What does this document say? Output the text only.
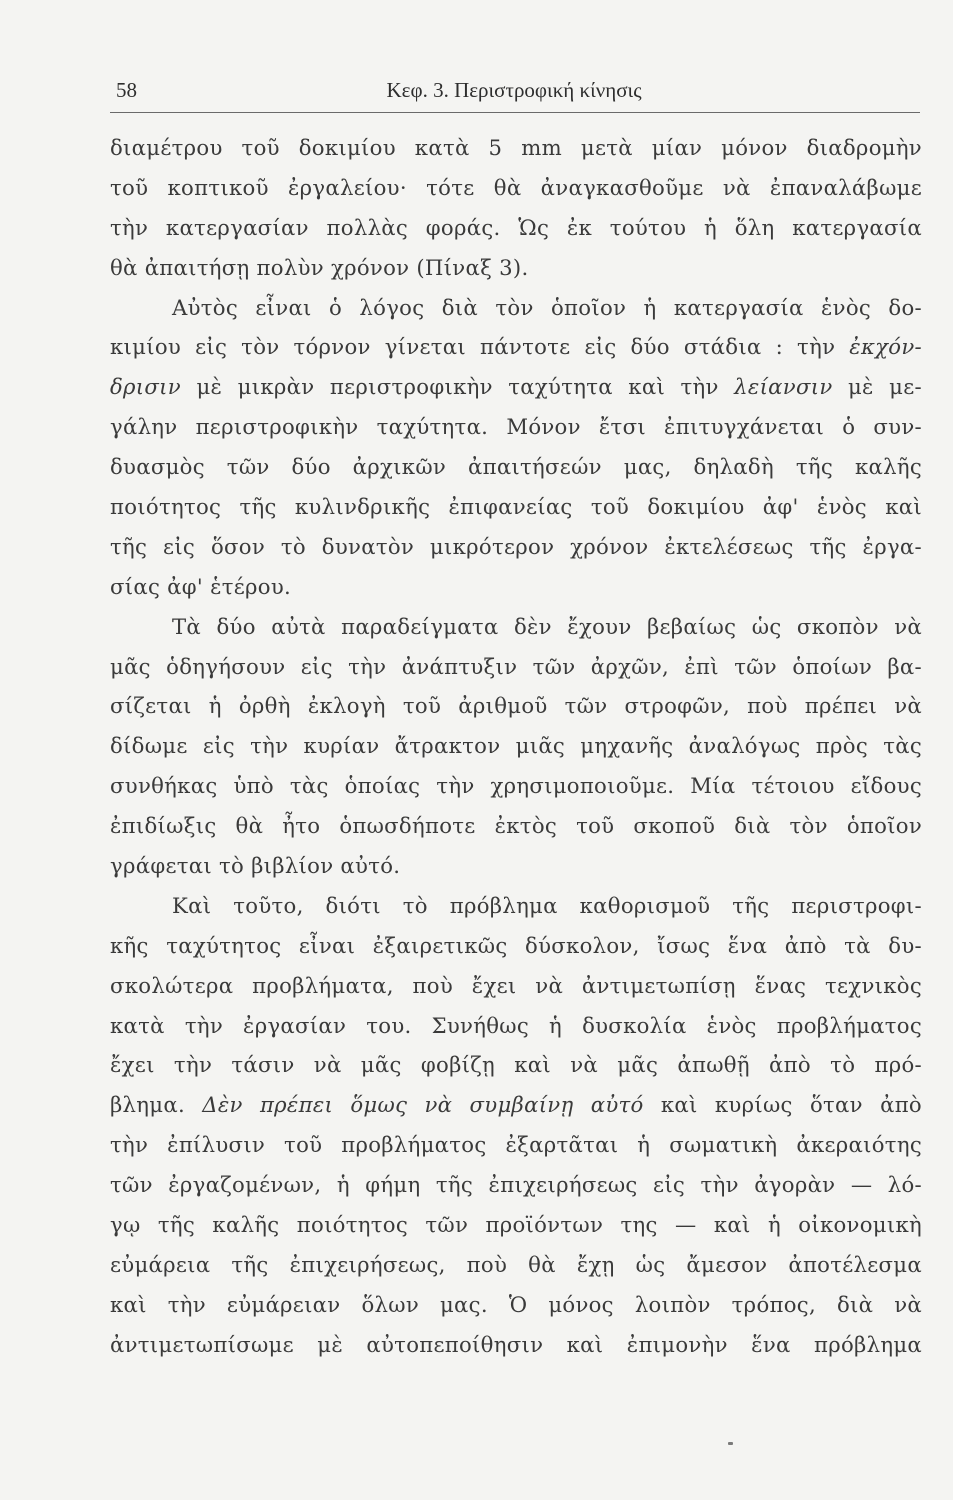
58	Κεφ. 3. Περιστροφική κίνησις
διαμέτρου τοῦ δοκιμίου κατὰ 5 mm μετὰ μίαν μόνον διαδρομὴν
τοῦ κοπτικοῦ ἐργαλείου· τότε θὰ ἀναγκασθοῦμε νὰ ἐπαναλάβωμε
τὴν κατεργασίαν πολλὰς φοράς. Ὡς ἐκ τούτου ἡ ὅλη κατεργασία
θὰ ἀπαιτήσῃ πολὺν χρόνον (Πίναξ 3).
Αὐτὸς εἶναι ὁ λόγος διὰ τὸν ὁποῖον ἡ κατεργασία ἑνὸς δο-
κιμίου εἰς τὸν τόρνον γίνεται πάντοτε εἰς δύο στάδια : τὴν ἐκχόν-
δρισιν μὲ μικρὰν περιστροφικὴν ταχύτητα καὶ τὴν λείανσιν μὲ με-
γάλην περιστροφικὴν ταχύτητα. Μόνον ἔτσι ἐπιτυγχάνεται ὁ συν-
δυασμὸς τῶν δύο ἀρχικῶν ἀπαιτήσεών μας, δηλαδὴ τῆς καλῆς
ποιότητος τῆς κυλινδρικῆς ἐπιφανείας τοῦ δοκιμίου ἀφ' ἑνὸς καὶ
τῆς εἰς ὅσον τὸ δυνατὸν μικρότερον χρόνον ἐκτελέσεως τῆς ἐργα-
σίας ἀφ' ἑτέρου.
Τὰ δύο αὐτὰ παραδείγματα δὲν ἔχουν βεβαίως ὡς σκοπὸν νὰ
μᾶς ὁδηγήσουν εἰς τὴν ἀνάπτυξιν τῶν ἀρχῶν, ἐπὶ τῶν ὁποίων βα-
σίζεται ἡ ὀρθὴ ἐκλογὴ τοῦ ἀριθμοῦ τῶν στροφῶν, ποὺ πρέπει νὰ
δίδωμε εἰς τὴν κυρίαν ἄτρακτον μιᾶς μηχανῆς ἀναλόγως πρὸς τὰς
συνθήκας ὑπὸ τὰς ὁποίας τὴν χρησιμοποιοῦμε. Μία τέτοιου εἴδους
ἐπιδίωξις θὰ ἦτο ὁπωσδήποτε ἐκτὸς τοῦ σκοποῦ διὰ τὸν ὁποῖον
γράφεται τὸ βιβλίον αὐτό.
Καὶ τοῦτο, διότι τὸ πρόβλημα καθορισμοῦ τῆς περιστροφι-
κῆς ταχύτητος εἶναι ἐξαιρετικῶς δύσκολον, ἴσως ἕνα ἀπὸ τὰ δυ-
σκολώτερα προβλήματα, ποὺ ἔχει νὰ ἀντιμετωπίσῃ ἕνας τεχνικὸς
κατὰ τὴν ἐργασίαν του. Συνήθως ἡ δυσκολία ἑνὸς προβλήματος
ἔχει τὴν τάσιν νὰ μᾶς φοβίζῃ καὶ νὰ μᾶς ἀπωθῇ ἀπὸ τὸ πρό-
βλημα. Δὲν πρέπει ὅμως νὰ συμβαίνῃ αὐτό καὶ κυρίως ὅταν ἀπὸ
τὴν ἐπίλυσιν τοῦ προβλήματος ἐξαρτᾶται ἡ σωματικὴ ἀκεραιότης
τῶν ἐργαζομένων, ἡ φήμη τῆς ἐπιχειρήσεως εἰς τὴν ἀγορὰν — λό-
γῳ τῆς καλῆς ποιότητος τῶν προϊόντων της — καὶ ἡ οἰκονομικὴ
εὐμάρεια τῆς ἐπιχειρήσεως, ποὺ θὰ ἔχῃ ὡς ἄμεσον ἀποτέλεσμα
καὶ τὴν εὐμάρειαν ὅλων μας. Ὁ μόνος λοιπὸν τρόπος, διὰ νὰ
ἀντιμετωπίσωμε μὲ αὐτοπεποίθησιν καὶ ἐπιμονὴν ἕνα πρόβλημα
